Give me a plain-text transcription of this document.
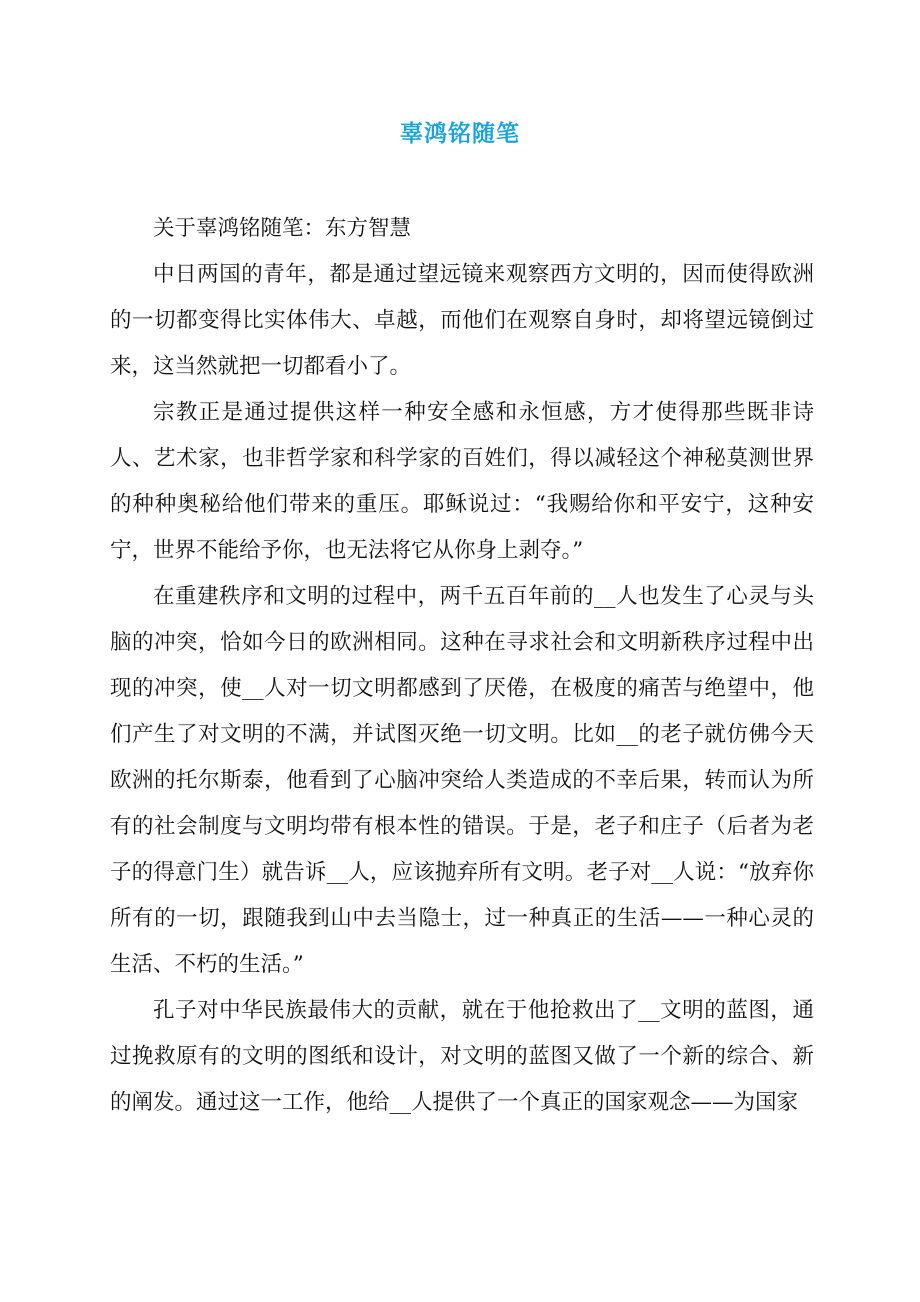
辜鸿铭随笔

关于辜鸿铭随笔：东方智慧

中日两国的青年，都是通过望远镜来观察西方文明的，因而使得欧洲的一切都变得比实体伟大、卓越，而他们在观察自身时，却将望远镜倒过来，这当然就把一切都看小了。

宗教正是通过提供这样一种安全感和永恒感，方才使得那些既非诗人、艺术家，也非哲学家和科学家的百姓们，得以减轻这个神秘莫测世界的种种奥秘给他们带来的重压。耶稣说过：“我赐给你和平安宁，这种安宁，世界不能给予你，也无法将它从你身上剥夺。”

在重建秩序和文明的过程中，两千五百年前的__人也发生了心灵与头脑的冲突，恰如今日的欧洲相同。这种在寻求社会和文明新秩序过程中出现的冲突，使__人对一切文明都感到了厌倦，在极度的痛苦与绝望中，他们产生了对文明的不满，并试图灭绝一切文明。比如__的老子就仿佛今天欧洲的托尔斯泰，他看到了心脑冲突给人类造成的不幸后果，转而认为所有的社会制度与文明均带有根本性的错误。于是，老子和庄子（后者为老子的得意门生）就告诉__人，应该抛弃所有文明。老子对__人说：“放弃你所有的一切，跟随我到山中去当隐士，过一种真正的生活——一种心灵的生活、不朽的生活。”

孔子对中华民族最伟大的贡献，就在于他抢救出了__文明的蓝图，通过挽救原有的文明的图纸和设计，对文明的蓝图又做了一个新的综合、新的阐发。通过这一工作，他给__人提供了一个真正的国家观念——为国家
